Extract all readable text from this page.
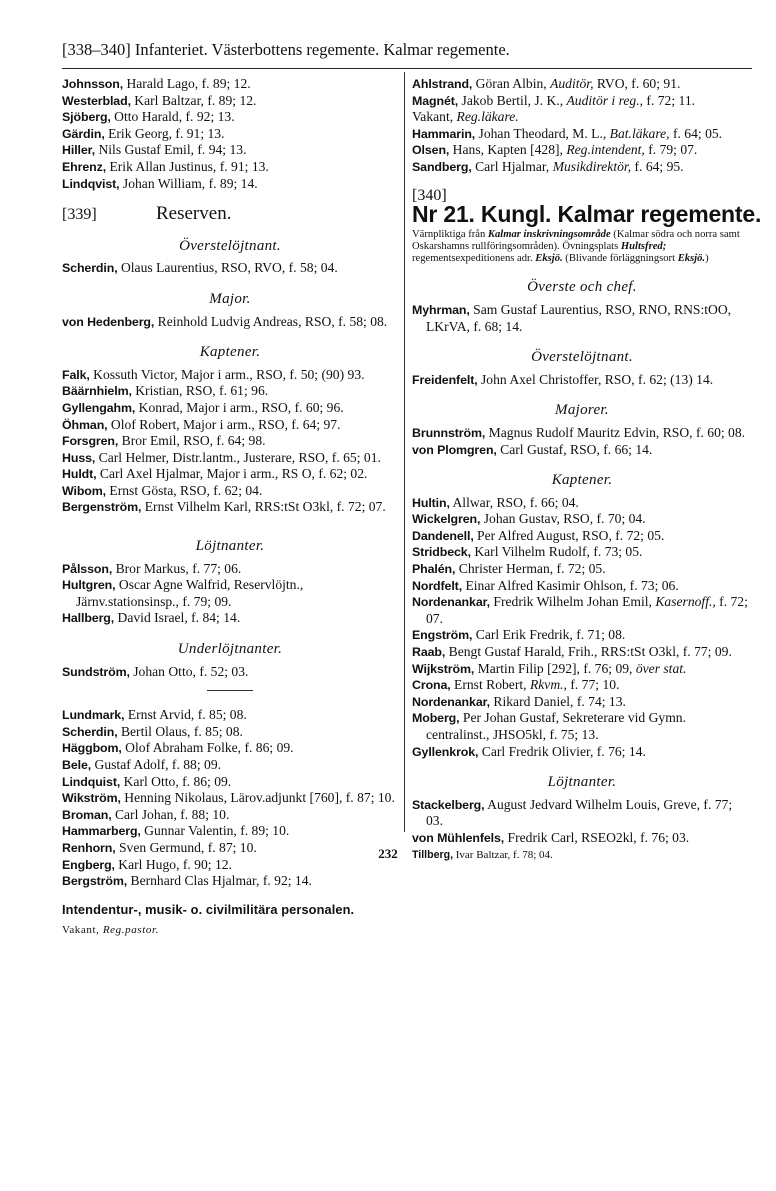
[338–340] Infanteriet. Västerbottens regemente. Kalmar regemente.
Johnsson, Harald Lago, f. 89; 12.
Westerblad, Karl Baltzar, f. 89; 12.
Sjöberg, Otto Harald, f. 92; 13.
Gärdin, Erik Georg, f. 91; 13.
Hiller, Nils Gustaf Emil, f. 94; 13.
Ehrenz, Erik Allan Justinus, f. 91; 13.
Lindqvist, Johan William, f. 89; 14.
[339]	Reserven.
Överstelöjtnant.
Scherdin, Olaus Laurentius, RSO, RVO, f. 58; 04.
Major.
von Hedenberg, Reinhold Ludvig Andreas, RSO, f. 58; 08.
Kaptener.
Falk, Kossuth Victor, Major i arm., RSO, f. 50; (90) 93.
Bäärnhielm, Kristian, RSO, f. 61; 96.
Gyllengahm, Konrad, Major i arm., RSO, f. 60; 96.
Öhman, Olof Robert, Major i arm., RSO, f. 64; 97.
Forsgren, Bror Emil, RSO, f. 64; 98.
Huss, Carl Helmer, Distr.lantm., Justerare, RSO, f. 65; 01.
Huldt, Carl Axel Hjalmar, Major i arm., RS O, f. 62; 02.
Wibom, Ernst Gösta, RSO, f. 62; 04.
Bergenström, Ernst Vilhelm Karl, RRS:tSt O3kl, f. 72; 07.
Löjtnanter.
Pålsson, Bror Markus, f. 77; 06.
Hultgren, Oscar Agne Walfrid, Reservlöjtn., Järnv.stationsinsp., f. 79; 09.
Hallberg, David Israel, f. 84; 14.
Underlöjtnanter.
Sundström, Johan Otto, f. 52; 03.
Lundmark, Ernst Arvid, f. 85; 08.
Scherdin, Bertil Olaus, f. 85; 08.
Häggbom, Olof Abraham Folke, f. 86; 09.
Bele, Gustaf Adolf, f. 88; 09.
Lindquist, Karl Otto, f. 86; 09.
Wikström, Henning Nikolaus, Lärov.adjunkt [760], f. 87; 10.
Broman, Carl Johan, f. 88; 10.
Hammarberg, Gunnar Valentin, f. 89; 10.
Renhorn, Sven Germund, f. 87; 10.
Engberg, Karl Hugo, f. 90; 12.
Bergström, Bernhard Clas Hjalmar, f. 92; 14.
Intendentur-, musik- o. civilmilitära personalen.
Vakant, Reg.pastor.
Ahlstrand, Göran Albin, Auditör, RVO, f. 60; 91.
Magnét, Jakob Bertil, J. K., Auditör i reg., f. 72; 11.
Vakant, Reg.läkare.
Hammarin, Johan Theodard, M. L., Bat.läkare, f. 64; 05.
Olsen, Hans, Kapten [428], Reg.intendent, f. 79; 07.
Sandberg, Carl Hjalmar, Musikdirektör, f. 64; 95.
[340]
Nr 21. Kungl. Kalmar regemente.
Värnpliktiga från Kalmar inskrivningsområde (Kalmar södra och norra samt Oskarshamns rullföringsområden). Övningsplats Hultsfred; regementsexpeditionens adr. Eksjö. (Blivande förläggningsort Eksjö.)
Överste och chef.
Myhrman, Sam Gustaf Laurentius, RSO, RNO, RNS:tOO, LKrVA, f. 68; 14.
Överstelöjtnant.
Freidenfelt, John Axel Christoffer, RSO, f. 62; (13) 14.
Majorer.
Brunnström, Magnus Rudolf Mauritz Edvin, RSO, f. 60; 08.
von Plomgren, Carl Gustaf, RSO, f. 66; 14.
Kaptener.
Hultin, Allwar, RSO, f. 66; 04.
Wickelgren, Johan Gustav, RSO, f. 70; 04.
Dandenell, Per Alfred August, RSO, f. 72; 05.
Stridbeck, Karl Vilhelm Rudolf, f. 73; 05.
Phalén, Christer Herman, f. 72; 05.
Nordfelt, Einar Alfred Kasimir Ohlson, f. 73; 06.
Nordenankar, Fredrik Wilhelm Johan Emil, Kasernoff., f. 72; 07.
Engström, Carl Erik Fredrik, f. 71; 08.
Raab, Bengt Gustaf Harald, Frih., RRS:tSt O3kl, f. 77; 09.
Wijkström, Martin Filip [292], f. 76; 09, över stat.
Crona, Ernst Robert, Rkvm., f. 77; 10.
Nordenankar, Rikard Daniel, f. 74; 13.
Moberg, Per Johan Gustaf, Sekreterare vid Gymn. centralinst., JHSO5kl, f. 75; 13.
Gyllenkrok, Carl Fredrik Olivier, f. 76; 14.
Löjtnanter.
Stackelberg, August Jedvard Wilhelm Louis, Greve, f. 77; 03.
von Mühlenfels, Fredrik Carl, RSEO2kl, f. 76; 03.
Tillberg, Ivar Baltzar, f. 78; 04.
232
